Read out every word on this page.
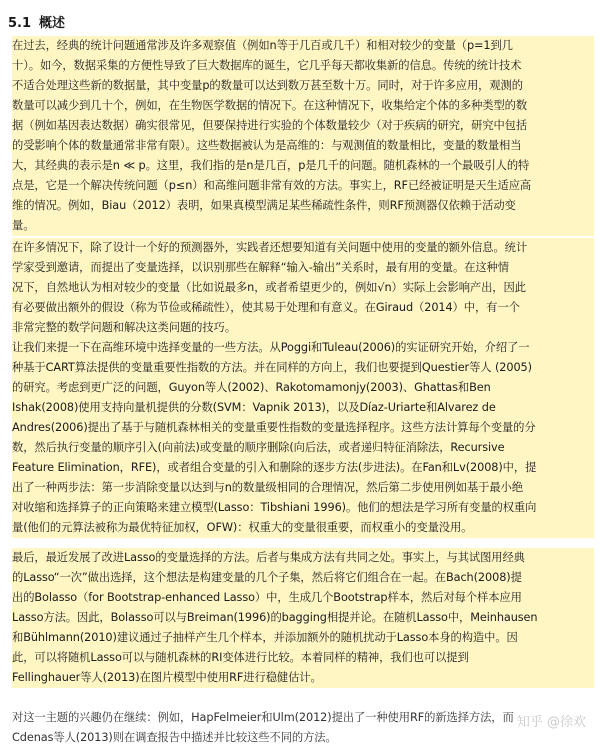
5.1 概述
在过去，经典的统计问题通常涉及许多观察值（例如n等于几百或几千）和相对较少的变量（p=1到几
十）。如今，数据采集的方便性导致了巨大数据库的诞生，它几乎每天都收集新的信息。传统的统计技术
不适合处理这些新的数据量，其中变量p的数量可以达到数万甚至数十万。同时，对于许多应用，观测的
数量可以减少到几十个，例如，在生物医学数据的情况下。在这种情况下，收集给定个体的多种类型的数
据（例如基因表达数据）确实很常见，但要保持进行实验的个体数量较少（对于疾病的研究，研究中包括
的受影响个体的数量通常非常有限）。这些数据被认为是高维的：与观测值的数量相比，变量的数量相当
大，其经典的表示是n ≪ p。这里，我们指的是n是几百，p是几千的问题。随机森林的一个最吸引人的特
点是，它是一个解决传统问题（p≤n）和高维问题非常有效的方法。事实上，RF已经被证明是天生适应高
维的情况。例如，Biau（2012）表明，如果真模型满足某些稀疏性条件，则RF预测器仅依赖于活动变
量。
在许多情况下，除了设计一个好的预测器外，实践者还想要知道有关问题中使用的变量的额外信息。统计
学家受到邀请，而提出了变量选择，以识别那些在解释“输入-输出”关系时，最有用的变量。在这种情
况下，自然地认为相对较少的变量（比如说最多n，或者希望更少的，例如√n）实际上会影响产出，因此
有必要做出额外的假设（称为节俭或稀疏性），使其易于处理和有意义。在Giraud（2014）中，有一个
非常完整的数学问题和解决这类问题的技巧。
让我们来提一下在高维环境中选择变量的一些方法。从Poggi和Tuleau(2006)的实证研究开始，介绍了一
种基于CART算法提供的变量重要性指数的方法。并在同样的方向上，我们也要提到Questier等人 (2005)
的研究。考虑到更广泛的问题，Guyon等人(2002)、Rakotomamonjy(2003)、Ghattas和Ben
Ishak(2008)使用支持向量机提供的分数(SVM：Vapnik 2013)，以及Díaz-Uriarte和Alvarez de
Andres(2006)提出了基于与随机森林相关的变量重要性指数的变量选择程序。这些方法计算每个变量的分
数，然后执行变量的顺序引入(向前法)或变量的顺序删除(向后法，或者递归特征消除法，Recursive
Feature Elimination，RFE)，或者组合变量的引入和删除的逐步方法(步进法)。在Fan和Lv(2008)中，提
出了一种两步法：第一步消除变量以达到与n的数量级相同的合理情况，然后第二步使用例如基于最小绝
对收缩和选择算子的正向策略来建立模型(Lasso：Tibshiani 1996)。他们的想法是学习所有变量的权重向
量(他们的元算法被称为最优特征加权，OFW)：权重大的变量很重要，而权重小的变量没用。
最后，最近发展了改进Lasso的变量选择的方法。后者与集成方法有共同之处。事实上，与其试图用经典
的Lasso“一次”做出选择，这个想法是构建变量的几个子集，然后将它们组合在一起。在Bach(2008)提
出的Bolasso（for Bootstrap-enhanced Lasso）中，生成几个Bootstrap样本，然后对每个样本应用
Lasso方法。因此，Bolasso可以与Breiman(1996)的bagging相提并论。在随机Lasso中，Meinhausen
和Bühlmann(2010)建议通过子抽样产生几个样本，并添加额外的随机扰动于Lasso本身的构造中。因
此，可以将随机Lasso可以与随机森林的RI变体进行比较。本着同样的精神，我们也可以提到
Fellinghauer等人(2013)在图片模型中使用RF进行稳健估计。
对这一主题的兴趣仍在继续：例如，HapFelmeier和Ulm(2012)提出了一种使用RF的新选择方法，而
Cdenas等人(2013)则在调查报告中描述并比较这些不同的方法。
知乎 @徐欢
